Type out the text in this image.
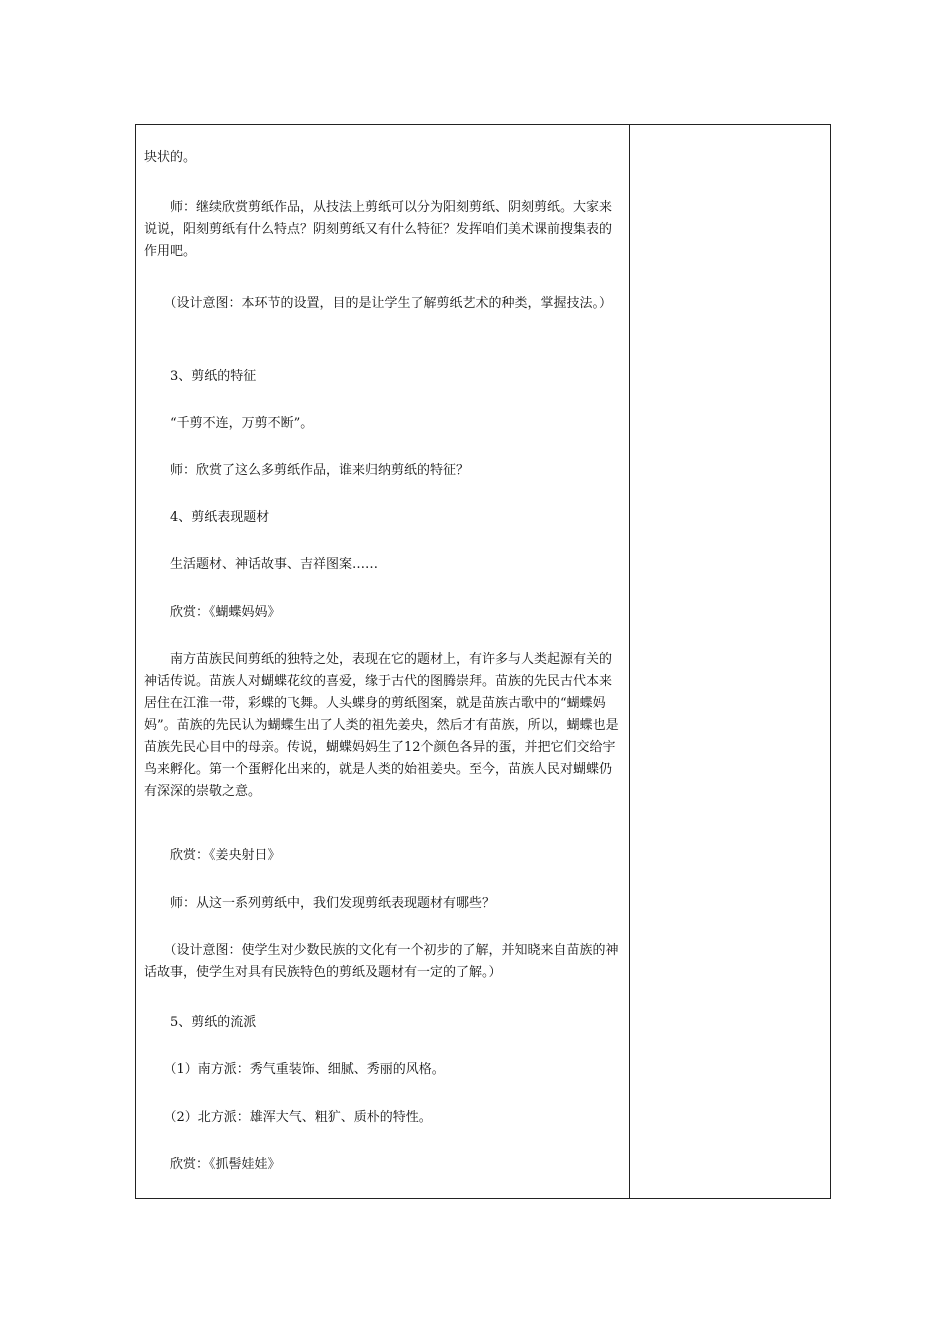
块状的。

师：继续欣赏剪纸作品，从技法上剪纸可以分为阳刻剪纸、阴刻剪纸。大家来说说，阳刻剪纸有什么特点？阴刻剪纸又有什么特征？发挥咱们美术课前搜集表的作用吧。

（设计意图：本环节的设置，目的是让学生了解剪纸艺术的种类，掌握技法。）

3、剪纸的特征

“千剪不连，万剪不断”。

师：欣赏了这么多剪纸作品，谁来归纳剪纸的特征？

4、剪纸表现题材

生活题材、神话故事、吉祥图案……

欣赏：《蝴蝶妈妈》

南方苗族民间剪纸的独特之处，表现在它的题材上，有许多与人类起源有关的神话传说。苗族人对蝴蝶花纹的喜爱，缘于古代的图腾崇拜。苗族的先民古代本来居住在江淮一带，彩蝶的飞舞。人头蝶身的剪纸图案，就是苗族古歌中的“蝴蝶妈妈”。苗族的先民认为蝴蝶生出了人类的祖先姜央，然后才有苗族，所以，蝴蝶也是苗族先民心目中的母亲。传说，蝴蝶妈妈生了12个颜色各异的蛋，并把它们交给宇鸟来孵化。第一个蛋孵化出来的，就是人类的始祖姜央。至今，苗族人民对蝴蝶仍有深深的崇敬之意。

欣赏：《姜央射日》

师：从这一系列剪纸中，我们发现剪纸表现题材有哪些？

（设计意图：使学生对少数民族的文化有一个初步的了解，并知晓来自苗族的神话故事，使学生对具有民族特色的剪纸及题材有一定的了解。）

5、剪纸的流派

（1）南方派：秀气重装饰、细腻、秀丽的风格。

（2）北方派：雄浑大气、粗犷、质朴的特性。

欣赏：《抓髻娃娃》
